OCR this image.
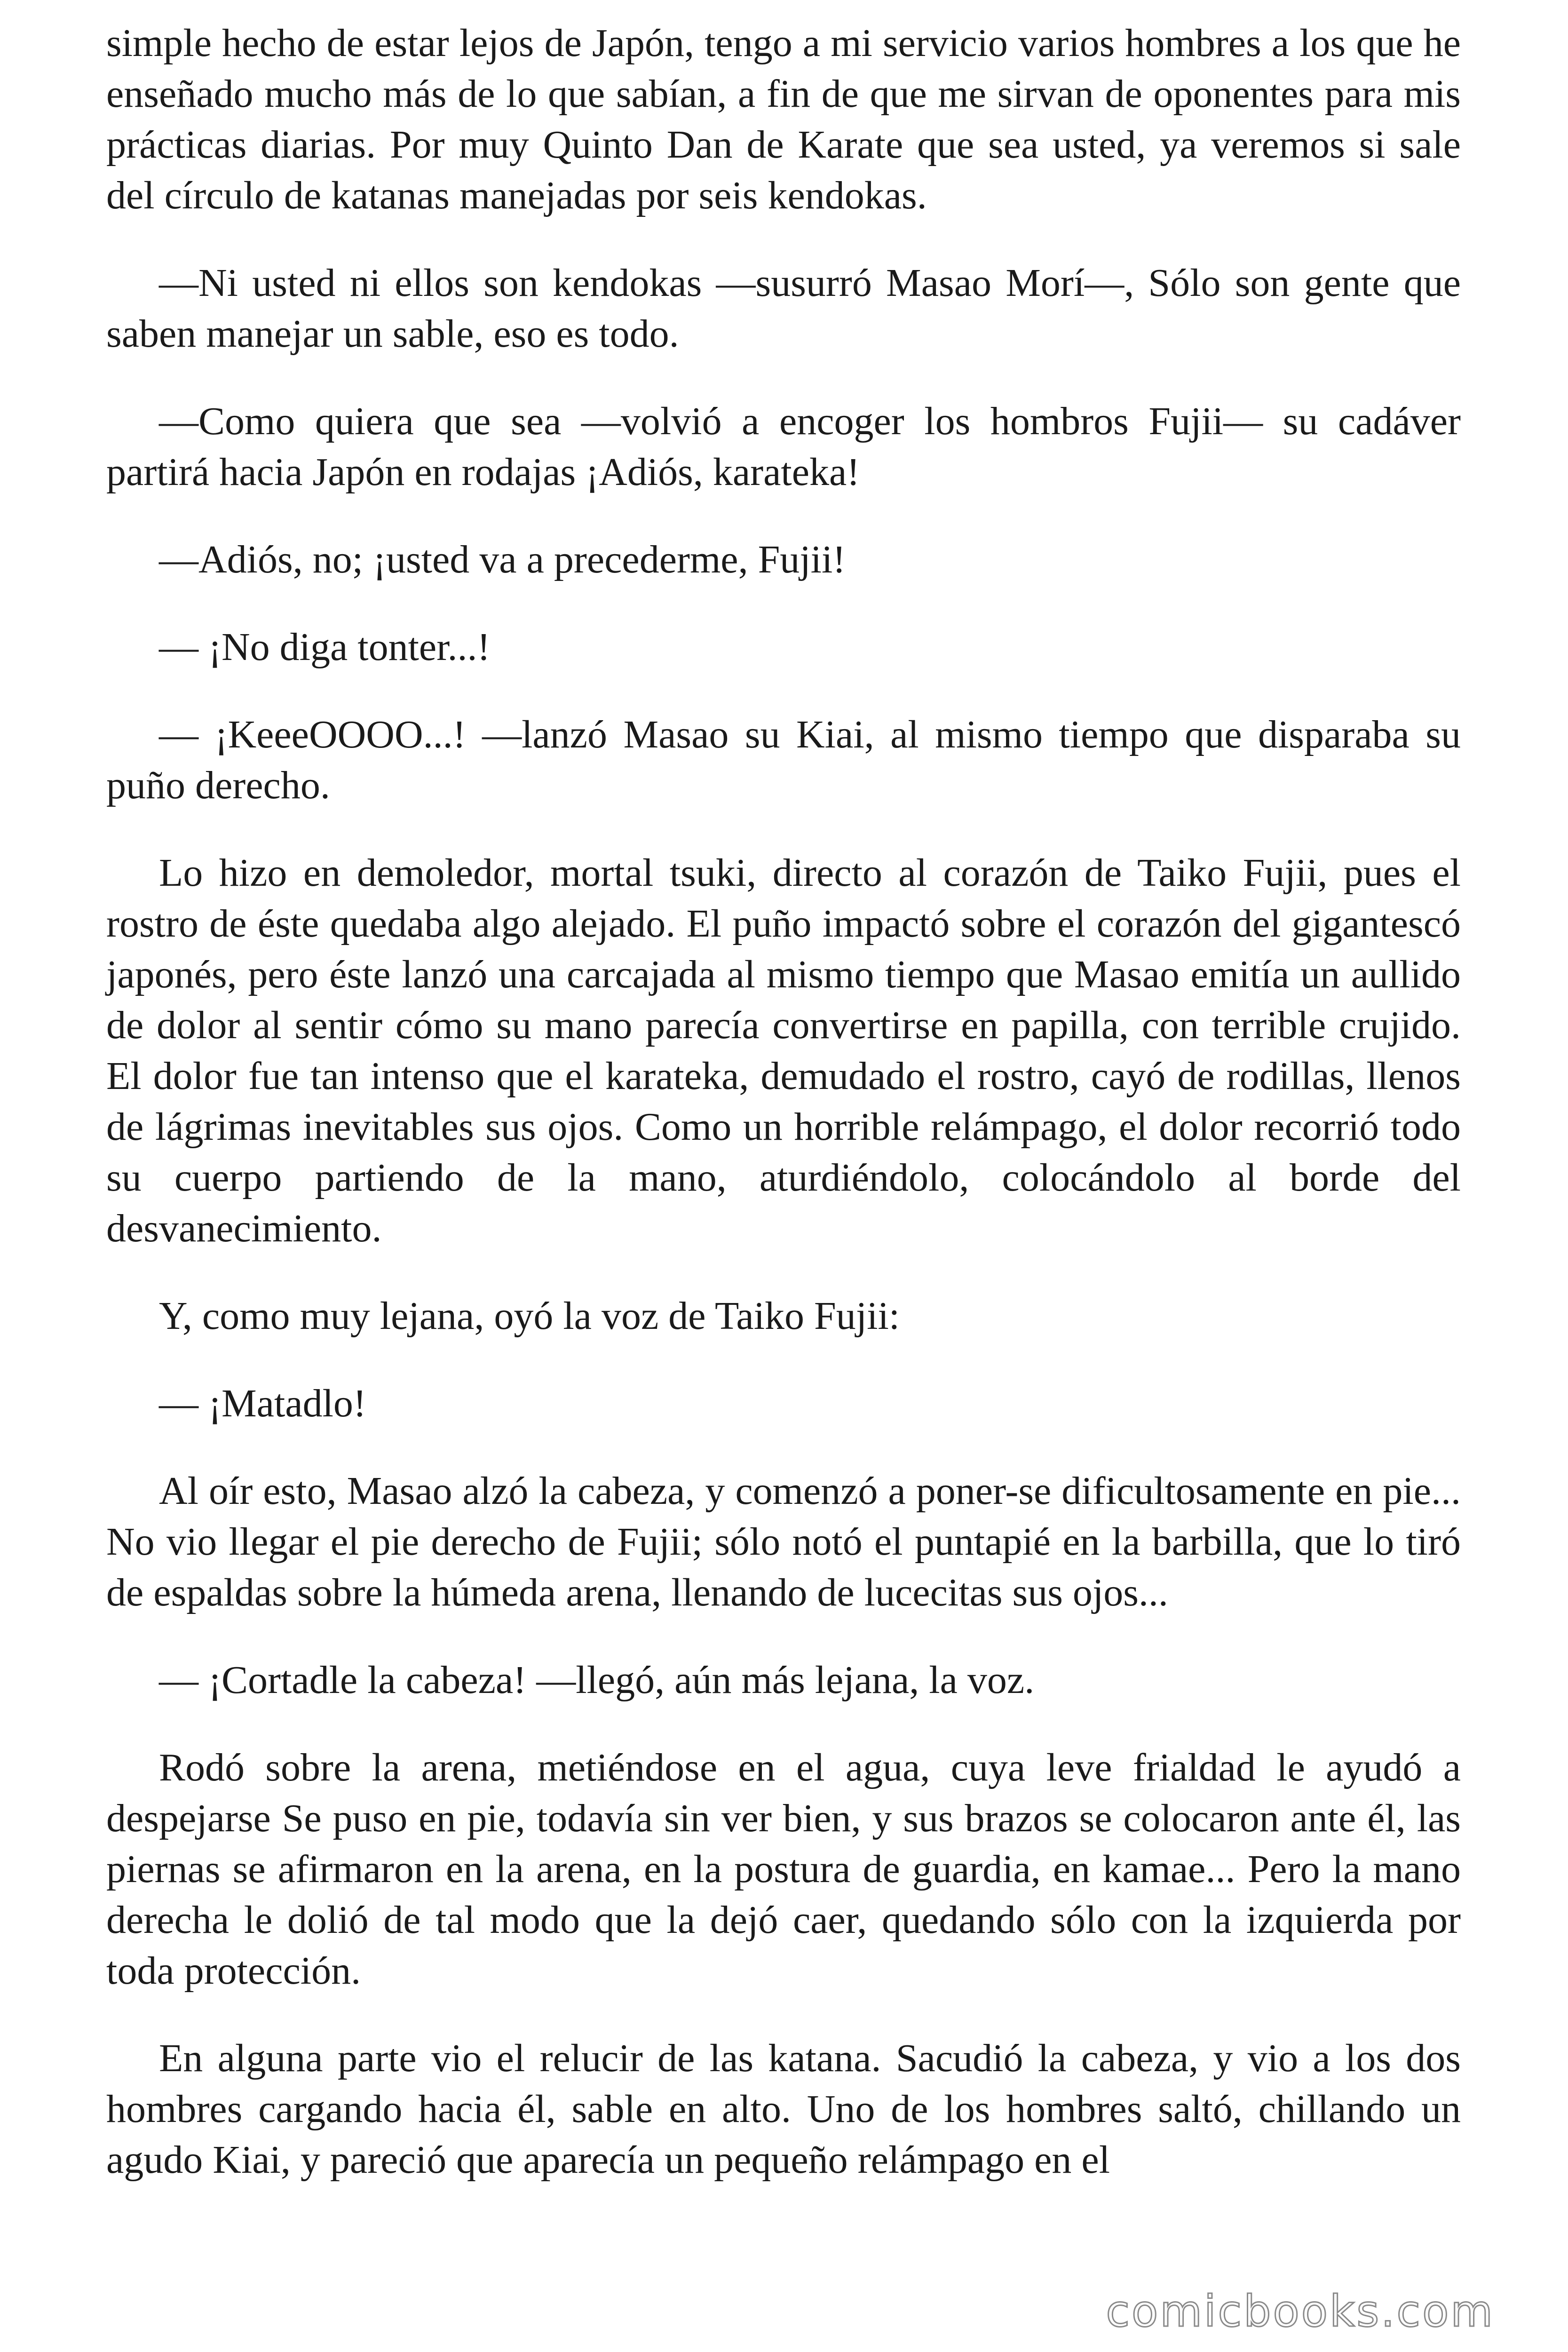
simple hecho de estar lejos de Japón, tengo a mi servicio varios hombres a los que he enseñado mucho más de lo que sabían, a fin de que me sirvan de oponentes para mis prácticas diarias. Por muy Quinto Dan de Karate que sea usted, ya veremos si sale del círculo de katanas manejadas por seis kendokas.

—Ni usted ni ellos son kendokas —susurró Masao Morí—, Sólo son gente que saben manejar un sable, eso es todo.

—Como quiera que sea —volvió a encoger los hombros Fujii— su cadáver partirá hacia Japón en rodajas ¡Adiós, karateka!

—Adiós, no; ¡usted va a precederme, Fujii!

— ¡No diga tonter...!

— ¡KeeeOOOO...! —lanzó Masao su Kiai, al mismo tiempo que disparaba su puño derecho.

Lo hizo en demoledor, mortal tsuki, directo al corazón de Taiko Fujii, pues el rostro de éste quedaba algo alejado. El puño impactó sobre el corazón del gigantescó japonés, pero éste lanzó una carcajada al mismo tiempo que Masao emitía un aullido de dolor al sentir cómo su mano parecía convertirse en papilla, con terrible crujido. El dolor fue tan intenso que el karateka, demudado el rostro, cayó de rodillas, llenos de lágrimas inevitables sus ojos. Como un horrible relámpago, el dolor recorrió todo su cuerpo partiendo de la mano, aturdiéndolo, colocándolo al borde del desvanecimiento.

Y, como muy lejana, oyó la voz de Taiko Fujii:

— ¡Matadlo!

Al oír esto, Masao alzó la cabeza, y comenzó a poner-se dificultosamente en pie... No vio llegar el pie derecho de Fujii; sólo notó el puntapié en la barbilla, que lo tiró de espaldas sobre la húmeda arena, llenando de lucecitas sus ojos...

— ¡Cortadle la cabeza! —llegó, aún más lejana, la voz.

Rodó sobre la arena, metiéndose en el agua, cuya leve frialdad le ayudó a despejarse Se puso en pie, todavía sin ver bien, y sus brazos se colocaron ante él, las piernas se afirmaron en la arena, en la postura de guardia, en kamae... Pero la mano derecha le dolió de tal modo que la dejó caer, quedando sólo con la izquierda por toda protección.

En alguna parte vio el relucir de las katana. Sacudió la cabeza, y vio a los dos hombres cargando hacia él, sable en alto. Uno de los hombres saltó, chillando un agudo Kiai, y pareció que aparecía un pequeño relámpago en el

comicbooks.com
